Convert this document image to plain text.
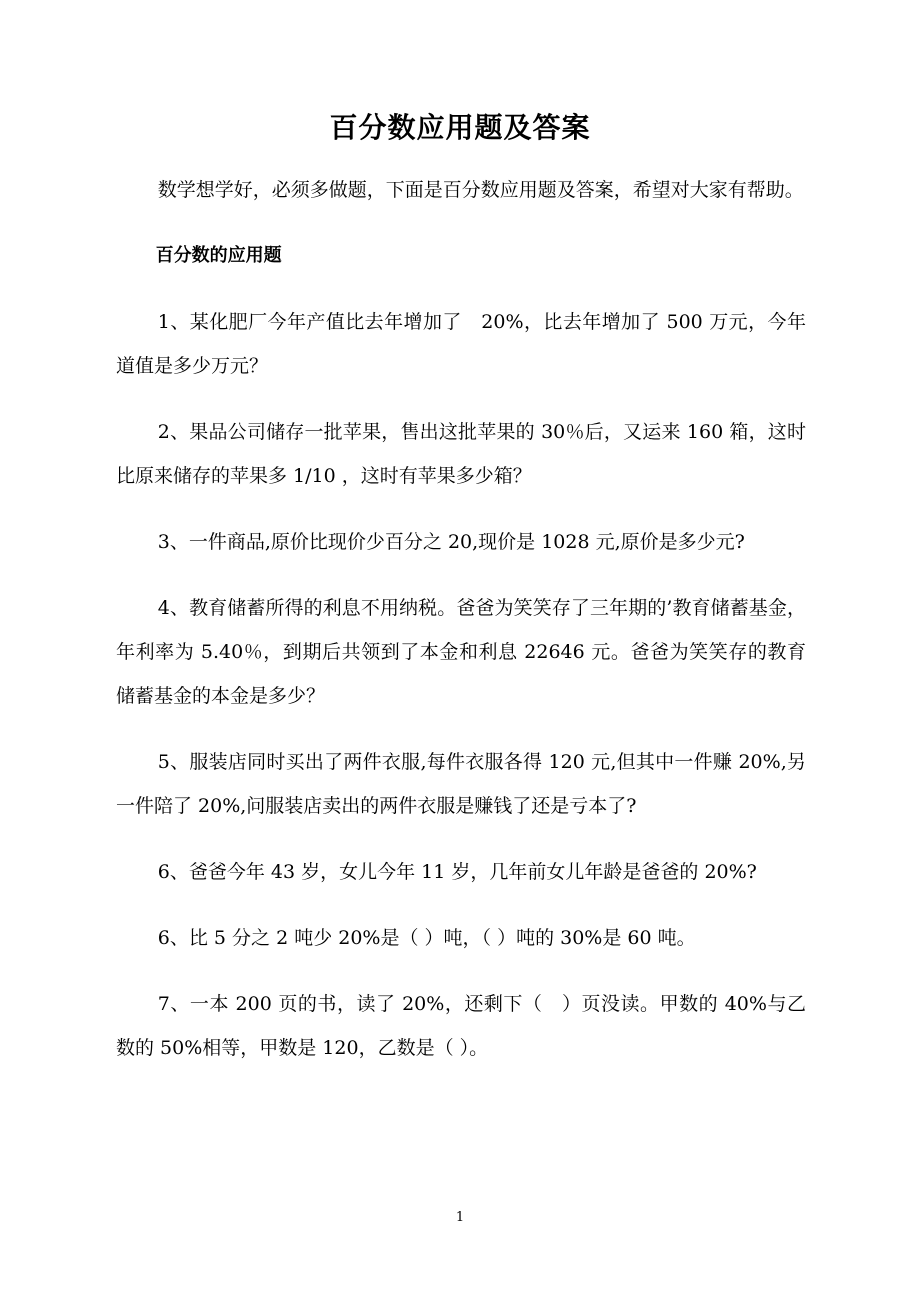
百分数应用题及答案

数学想学好，必须多做题，下面是百分数应用题及答案，希望对大家有帮助。

百分数的应用题

1、某化肥厂今年产值比去年增加了　20%，比去年增加了 500 万元，今年道值是多少万元？

2、果品公司储存一批苹果，售出这批苹果的 30％后，又运来 160 箱，这时比原来储存的苹果多 1/10 ，这时有苹果多少箱？

3、一件商品,原价比现价少百分之 20,现价是 1028 元,原价是多少元?

4、教育储蓄所得的利息不用纳税。爸爸为笑笑存了三年期的’教育储蓄基金，年利率为 5.40％，到期后共领到了本金和利息 22646 元。爸爸为笑笑存的教育储蓄基金的本金是多少？

5、服装店同时买出了两件衣服,每件衣服各得 120 元,但其中一件赚 20%,另一件陪了 20%,问服装店卖出的两件衣服是赚钱了还是亏本了?

6、爸爸今年 43 岁，女儿今年 11 岁，几年前女儿年龄是爸爸的 20%?

6、比 5 分之 2 吨少 20%是（ ）吨，（ ）吨的 30%是 60 吨。

7、一本 200 页的书，读了 20%，还剩下（　）页没读。甲数的 40%与乙数的 50%相等，甲数是 120，乙数是（ ）。

1
